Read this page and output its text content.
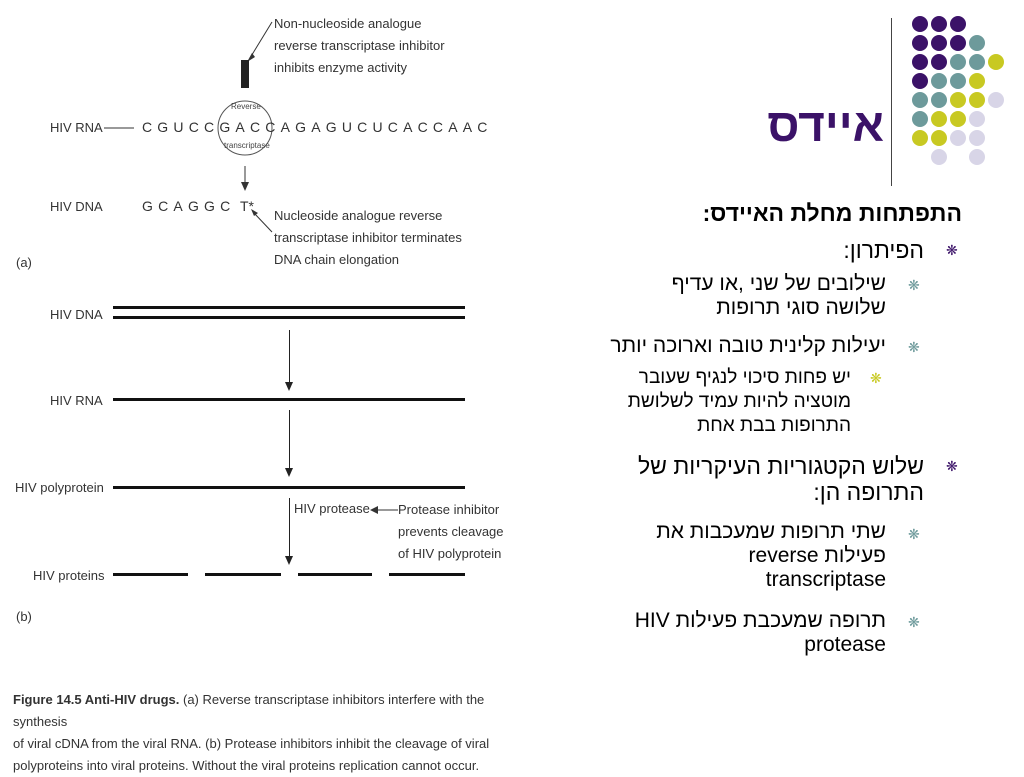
איידס
Non-nucleoside analogue
reverse transcriptase inhibitor
inhibits enzyme activity
Reverse
transcriptase
HIV RNA	CGUCCGACCAGAGUCUCACCAAC
HIV DNA	GCAGGC T*
Nucleoside analogue reverse
transcriptase inhibitor terminates
DNA chain elongation
(a)
HIV DNA
HIV RNA
HIV polyprotein
HIV protease Protease inhibitor
prevents cleavage
of HIV polyprotein
HIV proteins
(b)
Figure 14.5 Anti-HIV drugs. (a) Reverse transcriptase inhibitors interfere with the synthesis
of viral cDNA from the viral RNA. (b) Protease inhibitors inhibit the cleavage of viral
polyproteins into viral proteins. Without the viral proteins replication cannot occur.
התפתחות מחלת האיידס:
❋
הפיתרון:
❋
שילובים של שני ,או עדיף
שלושה סוגי תרופות
❋
יעילות קלינית טובה וארוכה יותר
❋
יש פחות סיכוי לנגיף שעובר
מוטציה להיות עמיד לשלושת
התרופות בבת אחת
❋
שלוש הקטגוריות העיקריות של
התרופה הן:
❋
שתי תרופות שמעכבות את
פעילות reverse
transcriptase
❋
תרופה שמעכבת פעילות HIV
protease
